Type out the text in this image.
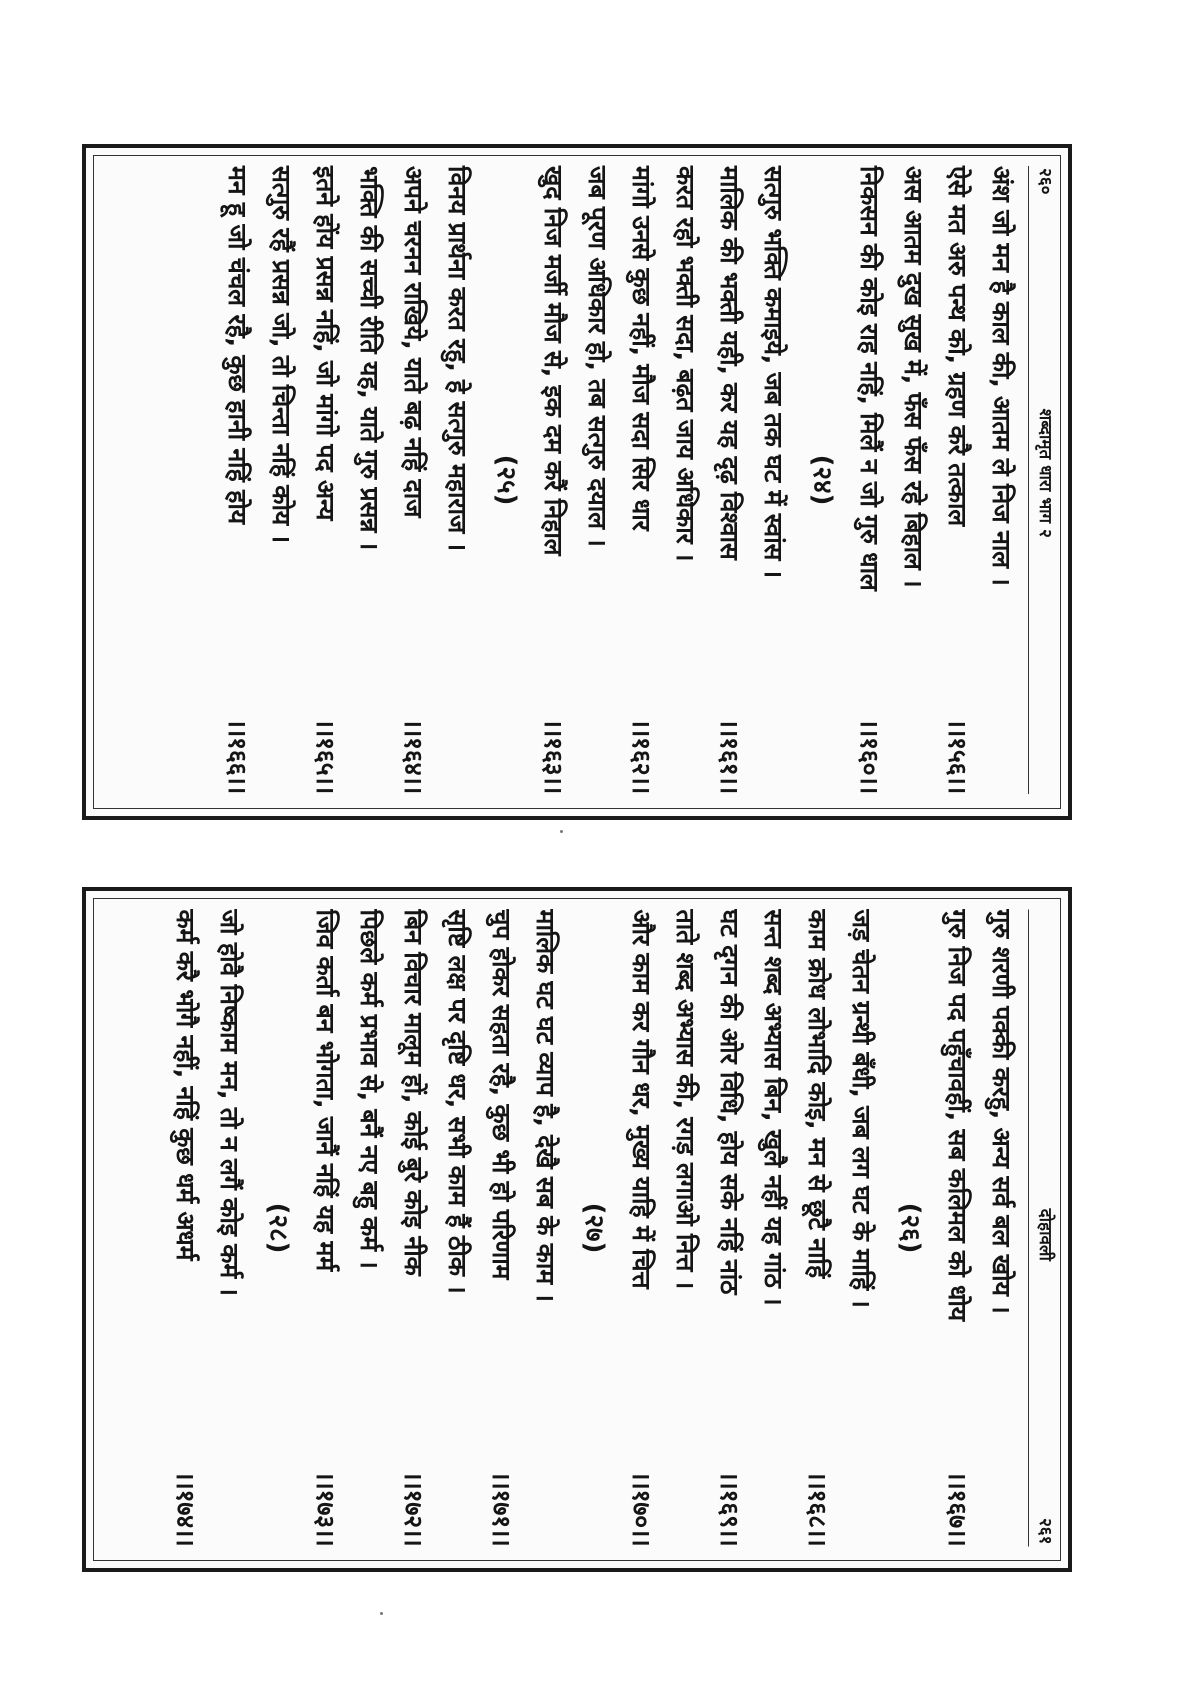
२६०
शब्दामृत धारा भाग २
अंश जो मन है काल की, आतम ले निज नाल ।
ऐसे मत अरु पन्थ को, ग्रहण करै तत्काल
।।१५६।।
अस आतम दुख सुख में, फँस फँस रहे बिहाल ।
निकसन की कोइ राह नहिं, मिलैं न जो गुरु धाल
।।१६०।।
(२४)
सत्गुरु भक्ति कमाइये, जब तक घट में स्वांस ।
मालिक की भक्ती यही, कर यह दृढ़ विश्वास
।।१६१।।
करत रहो भक्ती सदा, बढ़त जाय अधिकार ।
मांगो उनसे कुछ नहीं, मौज सदा सिर धार
।।१६२।।
जब पूरण अधिकार हो, तब सत्गुरु दयाल ।
खुद निज मर्जी मौज से, इक दम करैं निहाल
।।१६३।।
(२५)
विनय प्रार्थना करत रहु, हे सत्गुरु महाराज ।
अपने चरनन राखिये, याते बढ़ नहिं दाज
।।१६४।।
भक्ति की सच्ची रीति यह, याते गुरु प्रसन्न ।
इतने होंय प्रसन्न नहिं, जो मांगो पद अन्य
।।१६५।।
सत्गुरु रहैं प्रसन्न जो, तो चिन्ता नहिं कोय ।
मन हू जो चंचल रहै, कुछ हानी नहिं होय
।।१६६।।
दोहावली
२६१
गुरु शरणी पक्की करहु, अन्य सर्व बल खोय ।
गुरु निज पद पहुँचावहीं, सब कलिमल को धोय
।।१६७।।
(२६)
जड़ चेतन ग्रन्थी बँधी, जब लग घट के माहिं ।
काम क्रोध लोभादि कोइ, मन से छूटै नाहिं
।।१६८।।
सन्त शब्द अभ्यास बिन, खुलै नहीं यह गांठ ।
घट दृगन की ओर विधि, होय सके नहिं नांठ
।।१६९।।
ताते शब्द अभ्यास की, रगड़ लगाओ नित्त ।
और काम कर गौन धर, मुख्य याहि में चित्त
।।१७०।।
(२७)
मालिक घट घट व्याप है, देखै सब के काम ।
चुप होकर सहता रहै, कुछ भी हो परिणाम
।।१७१।।
सृष्टि लक्ष पर दृष्टि धर, सभी काम हैं ठीक ।
बिन विचार मालूम हों, कोई बुरे कोइ नीक
।।१७२।।
पिछले कर्म प्रभाव से, बनैं नए बहु कर्म ।
जिव कर्ता बन भोगता, जानैं नहिं यह मर्म
।।१७३।।
(२८)
जो होवै निष्काम मन, तो न लगैं कोइ कर्म ।
कर्म करै भोगै नहीं, नहिं कुछ धर्म अधर्म
।।१७४।।
